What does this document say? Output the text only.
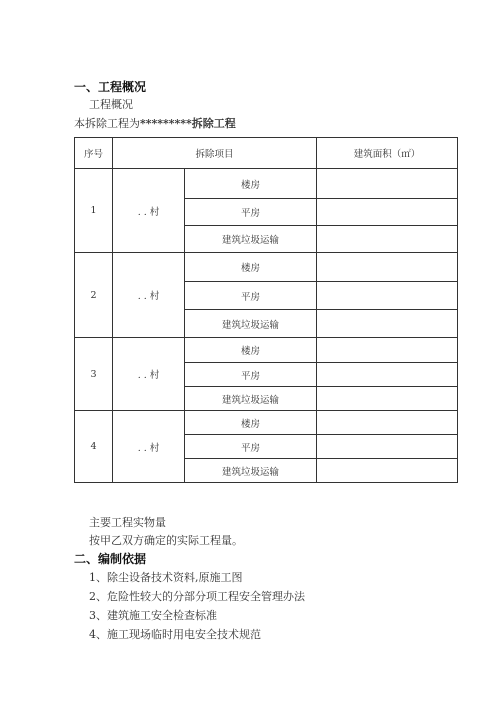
一、工程概况
工程概况
本拆除工程为*********拆除工程
序号	拆除项目		建筑面积（㎡）
1	. . 村	楼房	
		平房	
		建筑垃圾运输	
2	. . 村	楼房	
		平房	
		建筑垃圾运输	
3	. . 村	楼房	
		平房	
		建筑垃圾运输	
4	. . 村	楼房	
		平房	
		建筑垃圾运输	
主要工程实物量
按甲乙双方确定的实际工程量。
二、编制依据
1、除尘设备技术资料,原施工图
2、危险性较大的分部分项工程安全管理办法
3、建筑施工安全检查标准
4、施工现场临时用电安全技术规范
